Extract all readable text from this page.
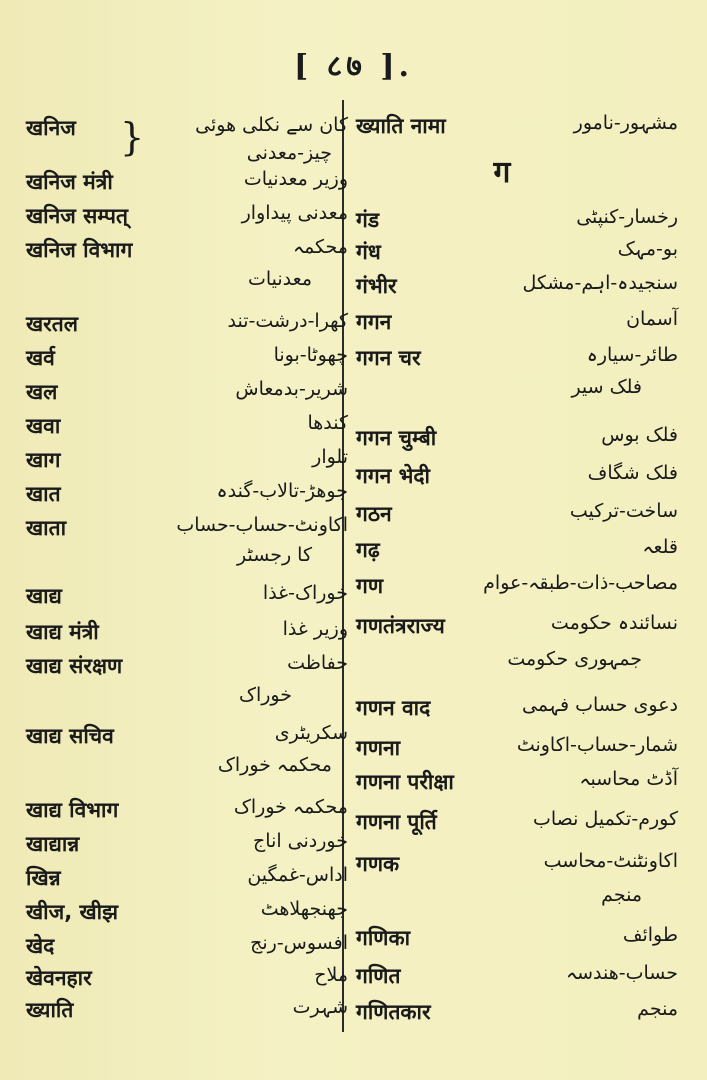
[ ८७ ].
खनिज }	کان سے نکلی هوئی
چیز-معدنی
खनिज मंत्री	وزیر معدنیات
खनिज सम्पत्	معدنی پیداوار
खनिज विभाग	محکمہ
معدنیات
खरतल	کھرا-درشت-تند
खर्व	چھوٹا-بونا
खल	شریر-بدمعاش
खवा	کندھا
खाग	تلوار
खात	جوھڑ-تالاب-گندہ
खाता	اکاونٹ-حساب-حساب
کا رجسٹر
खाद्य	خوراک-غذا
खाद्य मंत्री	وزیر غذا
खाद्य संरक्षण	حفاظت
خوراک
खाद्य सचिव	سکریٹری
محکمہ خوراک
खाद्य विभाग	محکمہ خوراک
खाद्यान्न	خوردنی اناج
खिन्न	اداس-غمگین
खीज, खीझ	جھنجھلاھٹ
खेद	افسوس-رنج
खेवनहार	ملاح
ख्याति	شہرت
ग
ख्याति नामा	مشہور-نامور
गंड	رخسار-کنپٹی
गंध	بو-مہک
गंभीर	سنجیدہ-اہم-مشکل
गगन	آسمان
गगन चर	طائر-سیارہ
فلک سیر
गगन चुम्बी	فلک بوس
गगन भेदी	فلک شگاف
गठन	ساخت-ترکیب
गढ़	قلعہ
गण	مصاحب-ذات-طبقہ-عوام
गणतंत्रराज्य	نسائندہ حکومت
جمہوری حکومت
गणन वाद	دعوی حساب فہمی
गणना	شمار-حساب-اکاونٹ
गणना परीक्षा	آڈٹ محاسبہ
गणना पूर्ति	کورم-تکمیل نصاب
गणक	اکاونٹنٹ-محاسب
منجم
गणिका	طوائف
गणित	حساب-هندسہ
गणितकार	منجم
